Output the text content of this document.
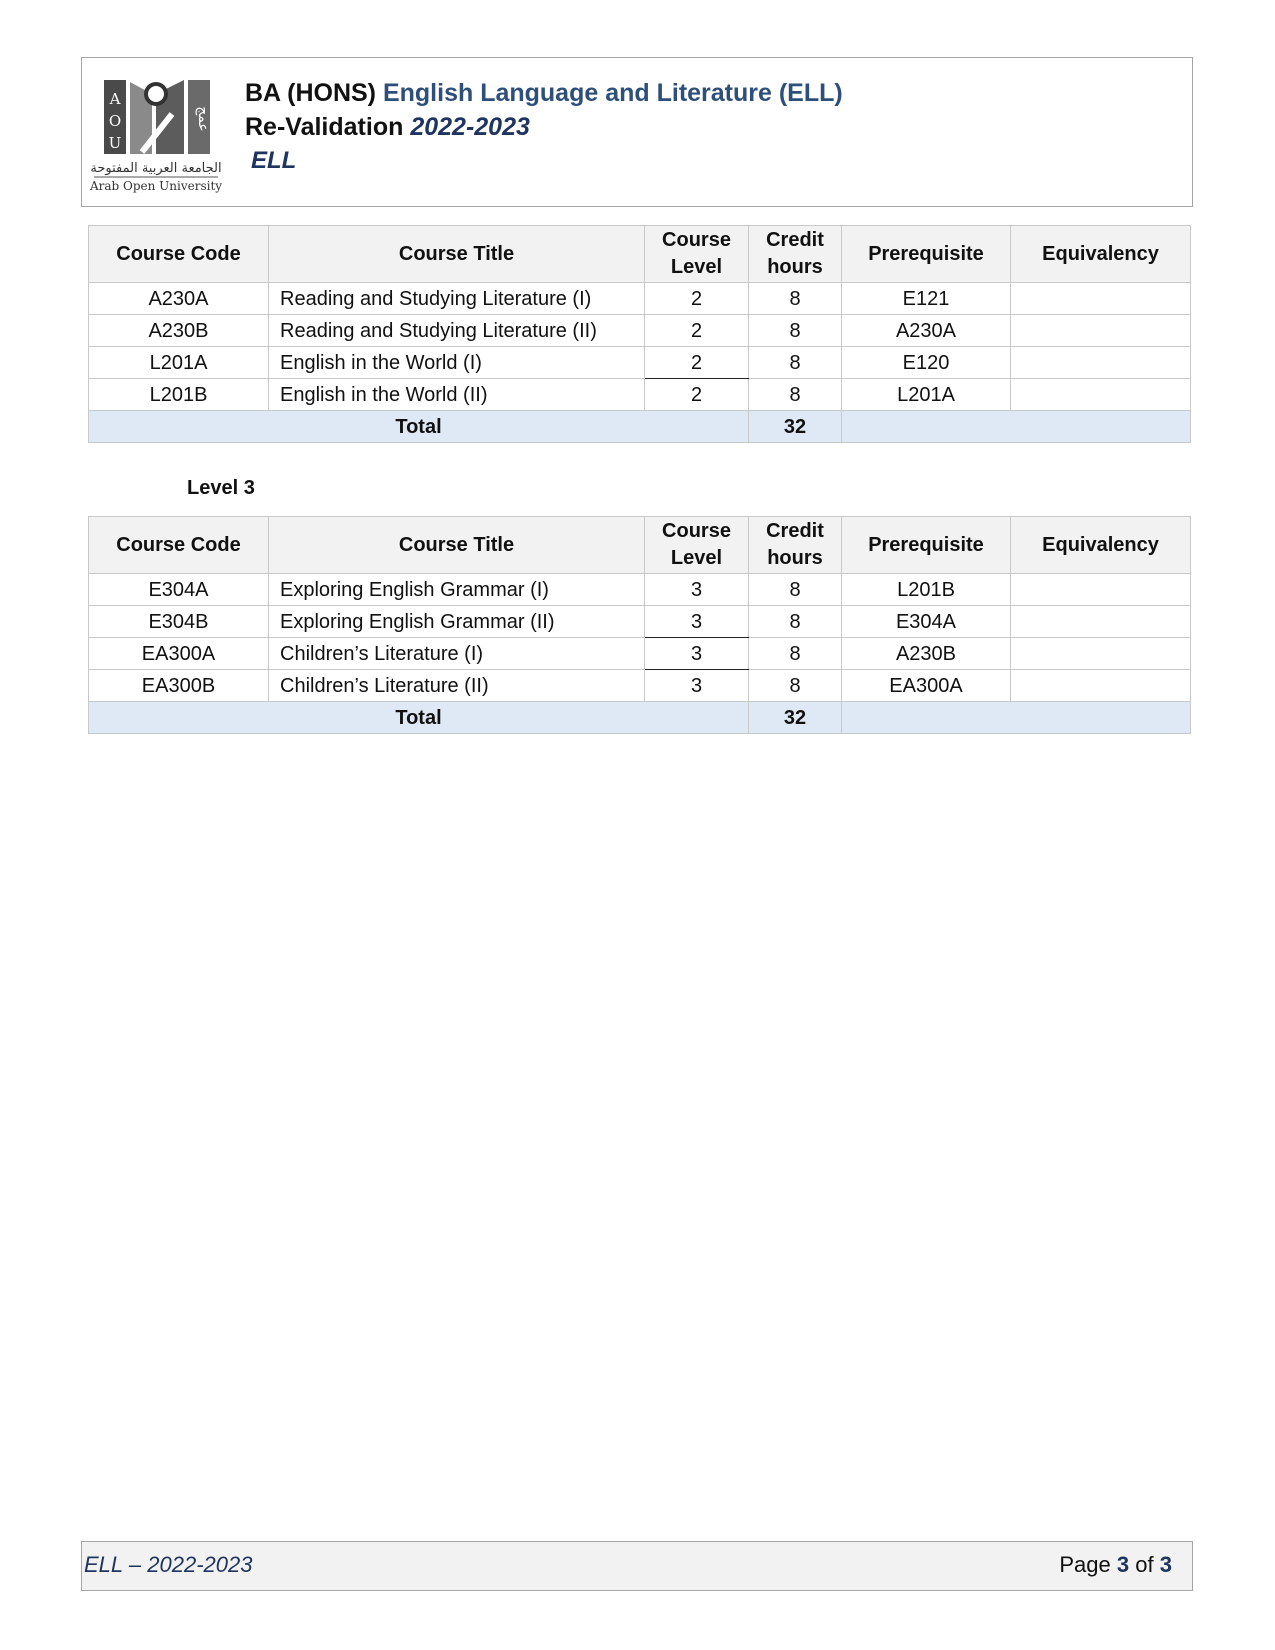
A
O
U
عمج
الجامعة العربية المفتوحة
Arab Open University
BA (HONS) English Language and Literature (ELL)
Re-Validation 2022-2023
ELL
Course Code	Course Title	Course Level	Credit hours	Prerequisite	Equivalency
A230A	Reading and Studying Literature (I)	2	8	E121	
A230B	Reading and Studying Literature (II)	2	8	A230A	
L201A	English in the World (I)	2	8	E120	
L201B	English in the World (II)	2	8	L201A	
Total			32		
Level 3
Course Code	Course Title	Course Level	Credit hours	Prerequisite	Equivalency
E304A	Exploring English Grammar (I)	3	8	L201B	
E304B	Exploring English Grammar (II)	3	8	E304A	
EA300A	Children’s Literature (I)	3	8	A230B	
EA300B	Children’s Literature (II)	3	8	EA300A	
Total			32		
ELL – 2022-2023	Page 3 of 3
